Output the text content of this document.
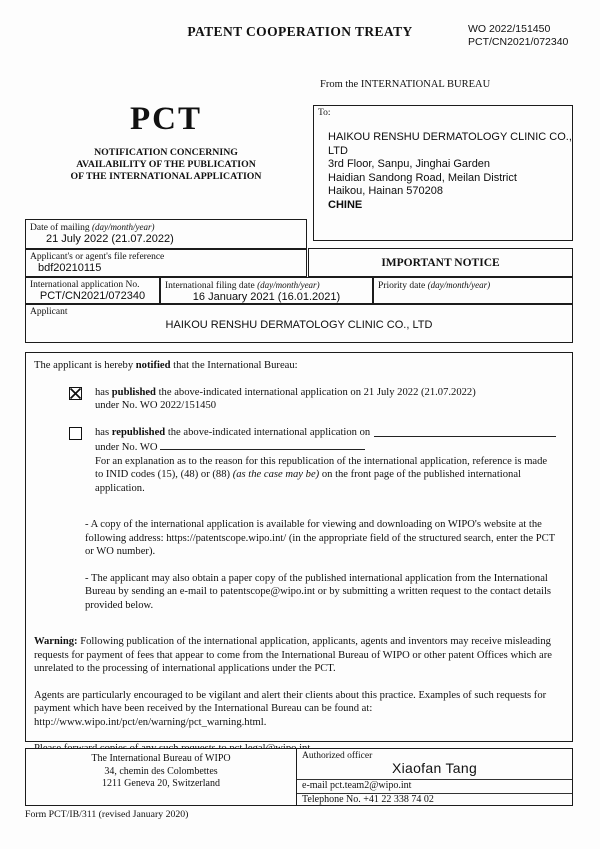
PATENT COOPERATION TREATY	WO 2022/151450
PCT/CN2021/072340
From the INTERNATIONAL BUREAU
PCT
NOTIFICATION CONCERNING
AVAILABILITY OF THE PUBLICATION
OF THE INTERNATIONAL APPLICATION
To:
HAIKOU RENSHU DERMATOLOGY CLINIC CO.,
LTD
3rd Floor, Sanpu, Jinghai Garden
Haidian Sandong Road, Meilan District
Haikou, Hainan 570208
CHINE
Date of mailing (day/month/year)
21 July 2022 (21.07.2022)
Applicant's or agent's file reference
bdf20210115	IMPORTANT NOTICE
International application No.
PCT/CN2021/072340
International filing date (day/month/year)
16 January 2021 (16.01.2021)
Priority date (day/month/year)
Applicant
HAIKOU RENSHU DERMATOLOGY CLINIC CO., LTD

The applicant is hereby notified that the International Bureau:

has published the above-indicated international application on 21 July 2022 (21.07.2022)
under No. WO 2022/151450
has republished the above-indicated international application on
under No. WO
For an explanation as to the reason for this republication of the international application, reference is made to INID codes (15), (48) or (88) (as the case may be) on the front page of the published international application.

- A copy of the international application is available for viewing and downloading on WIPO's website at the following address: https://patentscope.wipo.int/ (in the appropriate field of the structured search, enter the PCT or WO number).

- The applicant may also obtain a paper copy of the published international application from the International Bureau by sending an e-mail to patentscope@wipo.int or by submitting a written request to the contact details provided below.

Warning: Following publication of the international application, applicants, agents and inventors may receive misleading requests for payment of fees that appear to come from the International Bureau of WIPO or other patent Offices which are unrelated to the processing of international applications under the PCT.

Agents are particularly encouraged to be vigilant and alert their clients about this practice. Examples of such requests for payment which have been received by the International Bureau can be found at: http://www.wipo.int/pct/en/warning/pct_warning.html.

The International Bureau of WIPO
34, chemin des Colombettes
1211 Geneva 20, Switzerland
Authorized officer
Xiaofan Tang
e-mail pct.team2@wipo.int
Telephone No. +41 22 338 74 02
Form PCT/IB/311 (revised January 2020)
